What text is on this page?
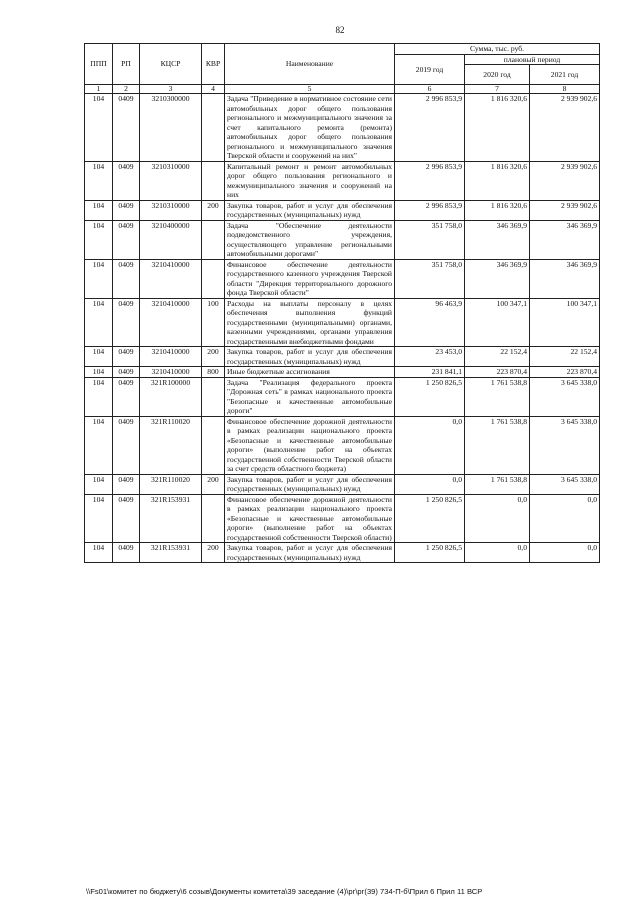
82
ППП	РП	КЦСР	КВР	Наименование	Сумма, тыс. руб.		
					2019 год	плановый период	
						2020 год	2021 год
1	2	3	4	5	6	7	8
104	0409	3210300000		Задача "Приведение в нормативное состояние сети автомобильных дорог общего пользования регионального и межмуниципального значения за счет капитального ремонта (ремонта) автомобильных дорог общего пользования регионального и межмуниципального значения Тверской области и сооружений на них"	2 996 853,9	1 816 320,6	2 939 902,6
104	0409	3210310000		Капитальный ремонт и ремонт автомобильных дорог общего пользования регионального и межмуниципального значения и сооружений на них	2 996 853,9	1 816 320,6	2 939 902,6
104	0409	3210310000	200	Закупка товаров, работ и услуг для обеспечения государственных (муниципальных) нужд	2 996 853,9	1 816 320,6	2 939 902,6
104	0409	3210400000		Задача "Обеспечение деятельности подведомственного учреждения, осуществляющего управление региональными автомобильными дорогами"	351 758,0	346 369,9	346 369,9
104	0409	3210410000		Финансовое обеспечение деятельности государственного казенного учреждения Тверской области "Дирекция территориального дорожного фонда Тверской области"	351 758,0	346 369,9	346 369,9
104	0409	3210410000	100	Расходы на выплаты персоналу в целях обеспечения выполнения функций государственными (муниципальными) органами, казенными учреждениями, органами управления государственными внебюджетными фондами	96 463,9	100 347,1	100 347,1
104	0409	3210410000	200	Закупка товаров, работ и услуг для обеспечения государственных (муниципальных) нужд	23 453,0	22 152,4	22 152,4
104	0409	3210410000	800	Иные бюджетные ассигнования	231 841,1	223 870,4	223 870,4
104	0409	321R100000		Задача "Реализация федерального проекта "Дорожная сеть" в рамках национального проекта "Безопасные и качественные автомобильные дороги"	1 250 826,5	1 761 538,8	3 645 338,0
104	0409	321R110020		Финансовое обеспечение дорожной деятельности в рамках реализации национального проекта «Безопасные и качественные автомобильные дороги» (выполнение работ на объектах государственной собственности Тверской области за счет средств областного бюджета)	0,0	1 761 538,8	3 645 338,0
104	0409	321R110020	200	Закупка товаров, работ и услуг для обеспечения государственных (муниципальных) нужд	0,0	1 761 538,8	3 645 338,0
104	0409	321R153931		Финансовое обеспечение дорожной деятельности в рамках реализации национального проекта «Безопасные и качественные автомобильные дороги» (выполнение работ на объектах государственной собственности Тверской области)	1 250 826,5	0,0	0,0
104	0409	321R153931	200	Закупка товаров, работ и услуг для обеспечения государственных (муниципальных) нужд	1 250 826,5	0,0	0,0
\\Fs01\комитет по бюджету\6 созыв\Документы комитета\39 заседание (4)\рг\рг(39) 734-П-б\Прил 6 Прил 11 ВСР
